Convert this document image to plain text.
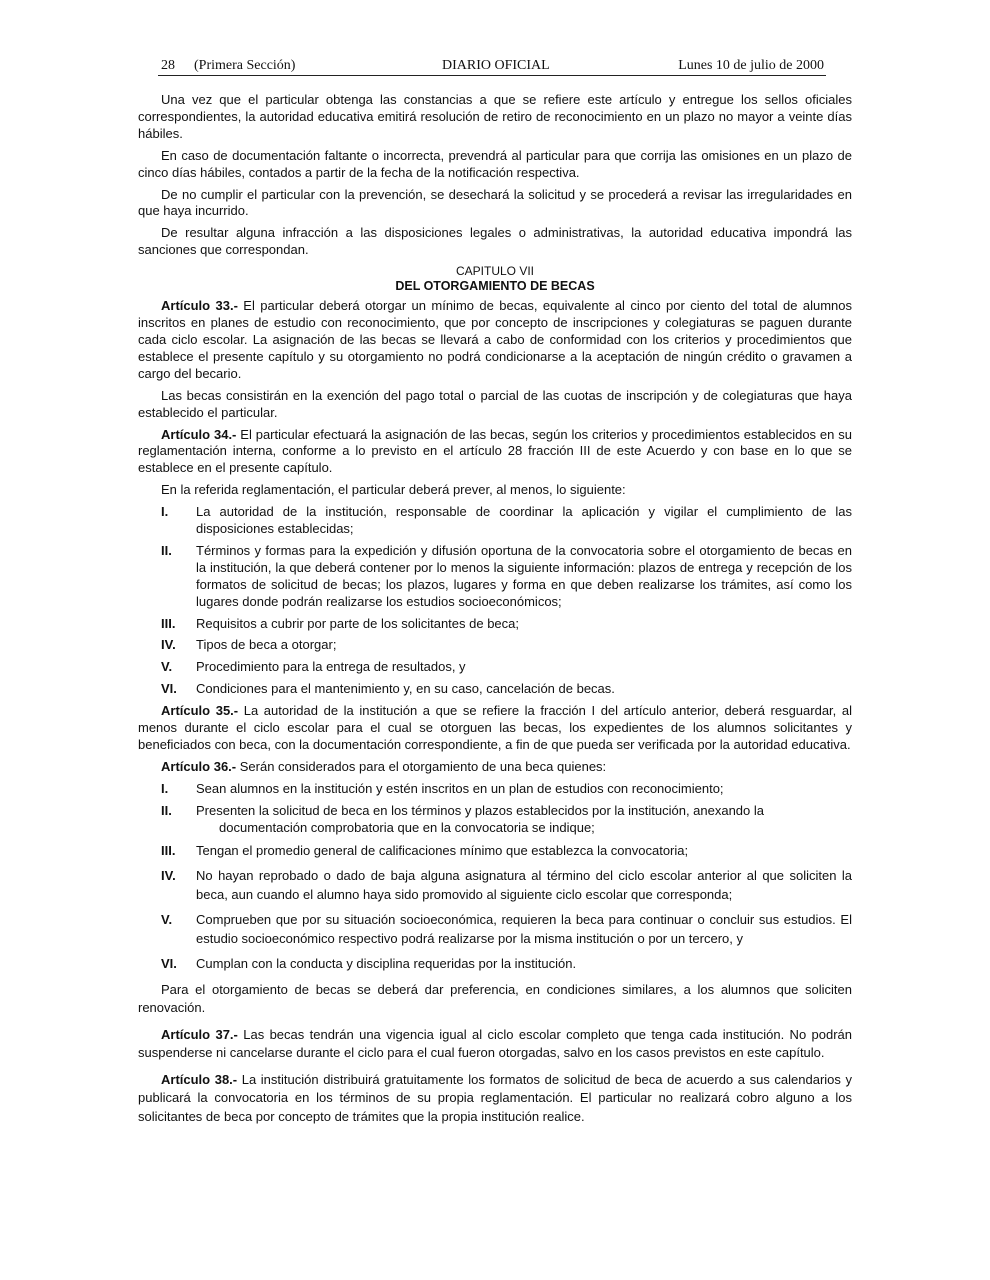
28 (Primera Sección)	DIARIO OFICIAL	Lunes 10 de julio de 2000

Una vez que el particular obtenga las constancias a que se refiere este artículo y entregue los sellos oficiales correspondientes, la autoridad educativa emitirá resolución de retiro de reconocimiento en un plazo no mayor a veinte días hábiles.

En caso de documentación faltante o incorrecta, prevendrá al particular para que corrija las omisiones en un plazo de cinco días hábiles, contados a partir de la fecha de la notificación respectiva.

De no cumplir el particular con la prevención, se desechará la solicitud y se procederá a revisar las irregularidades en que haya incurrido.

De resultar alguna infracción a las disposiciones legales o administrativas, la autoridad educativa impondrá las sanciones que correspondan.

CAPITULO VII
DEL OTORGAMIENTO DE BECAS

Artículo 33.- El particular deberá otorgar un mínimo de becas, equivalente al cinco por ciento del total de alumnos inscritos en planes de estudio con reconocimiento, que por concepto de inscripciones y colegiaturas se paguen durante cada ciclo escolar. La asignación de las becas se llevará a cabo de conformidad con los criterios y procedimientos que establece el presente capítulo y su otorgamiento no podrá condicionarse a la aceptación de ningún crédito o gravamen a cargo del becario.

Las becas consistirán en la exención del pago total o parcial de las cuotas de inscripción y de colegiaturas que haya establecido el particular.

Artículo 34.- El particular efectuará la asignación de las becas, según los criterios y procedimientos establecidos en su reglamentación interna, conforme a lo previsto en el artículo 28 fracción III de este Acuerdo y con base en lo que se establece en el presente capítulo.

En la referida reglamentación, el particular deberá prever, al menos, lo siguiente:

I. La autoridad de la institución, responsable de coordinar la aplicación y vigilar el cumplimiento de las disposiciones establecidas;
II. Términos y formas para la expedición y difusión oportuna de la convocatoria sobre el otorgamiento de becas en la institución, la que deberá contener por lo menos la siguiente información: plazos de entrega y recepción de los formatos de solicitud de becas; los plazos, lugares y forma en que deben realizarse los trámites, así como los lugares donde podrán realizarse los estudios socioeconómicos;
III. Requisitos a cubrir por parte de los solicitantes de beca;
IV. Tipos de beca a otorgar;
V. Procedimiento para la entrega de resultados, y
VI. Condiciones para el mantenimiento y, en su caso, cancelación de becas.

Artículo 35.- La autoridad de la institución a que se refiere la fracción I del artículo anterior, deberá resguardar, al menos durante el ciclo escolar para el cual se otorguen las becas, los expedientes de los alumnos solicitantes y beneficiados con beca, con la documentación correspondiente, a fin de que pueda ser verificada por la autoridad educativa.

Artículo 36.- Serán considerados para el otorgamiento de una beca quienes:

I. Sean alumnos en la institución y estén inscritos en un plan de estudios con reconocimiento;
II. Presenten la solicitud de beca en los términos y plazos establecidos por la institución, anexando la
documentación comprobatoria que en la convocatoria se indique;
III. Tengan el promedio general de calificaciones mínimo que establezca la convocatoria;
IV. No hayan reprobado o dado de baja alguna asignatura al término del ciclo escolar anterior al que soliciten la beca, aun cuando el alumno haya sido promovido al siguiente ciclo escolar que corresponda;
V. Comprueben que por su situación socioeconómica, requieren la beca para continuar o concluir sus estudios. El estudio socioeconómico respectivo podrá realizarse por la misma institución o por un tercero, y
VI. Cumplan con la conducta y disciplina requeridas por la institución.

Para el otorgamiento de becas se deberá dar preferencia, en condiciones similares, a los alumnos que soliciten renovación.

Artículo 37.- Las becas tendrán una vigencia igual al ciclo escolar completo que tenga cada institución. No podrán suspenderse ni cancelarse durante el ciclo para el cual fueron otorgadas, salvo en los casos previstos en este capítulo.

Artículo 38.- La institución distribuirá gratuitamente los formatos de solicitud de beca de acuerdo a sus calendarios y publicará la convocatoria en los términos de su propia reglamentación. El particular no realizará cobro alguno a los solicitantes de beca por concepto de trámites que la propia institución realice.
